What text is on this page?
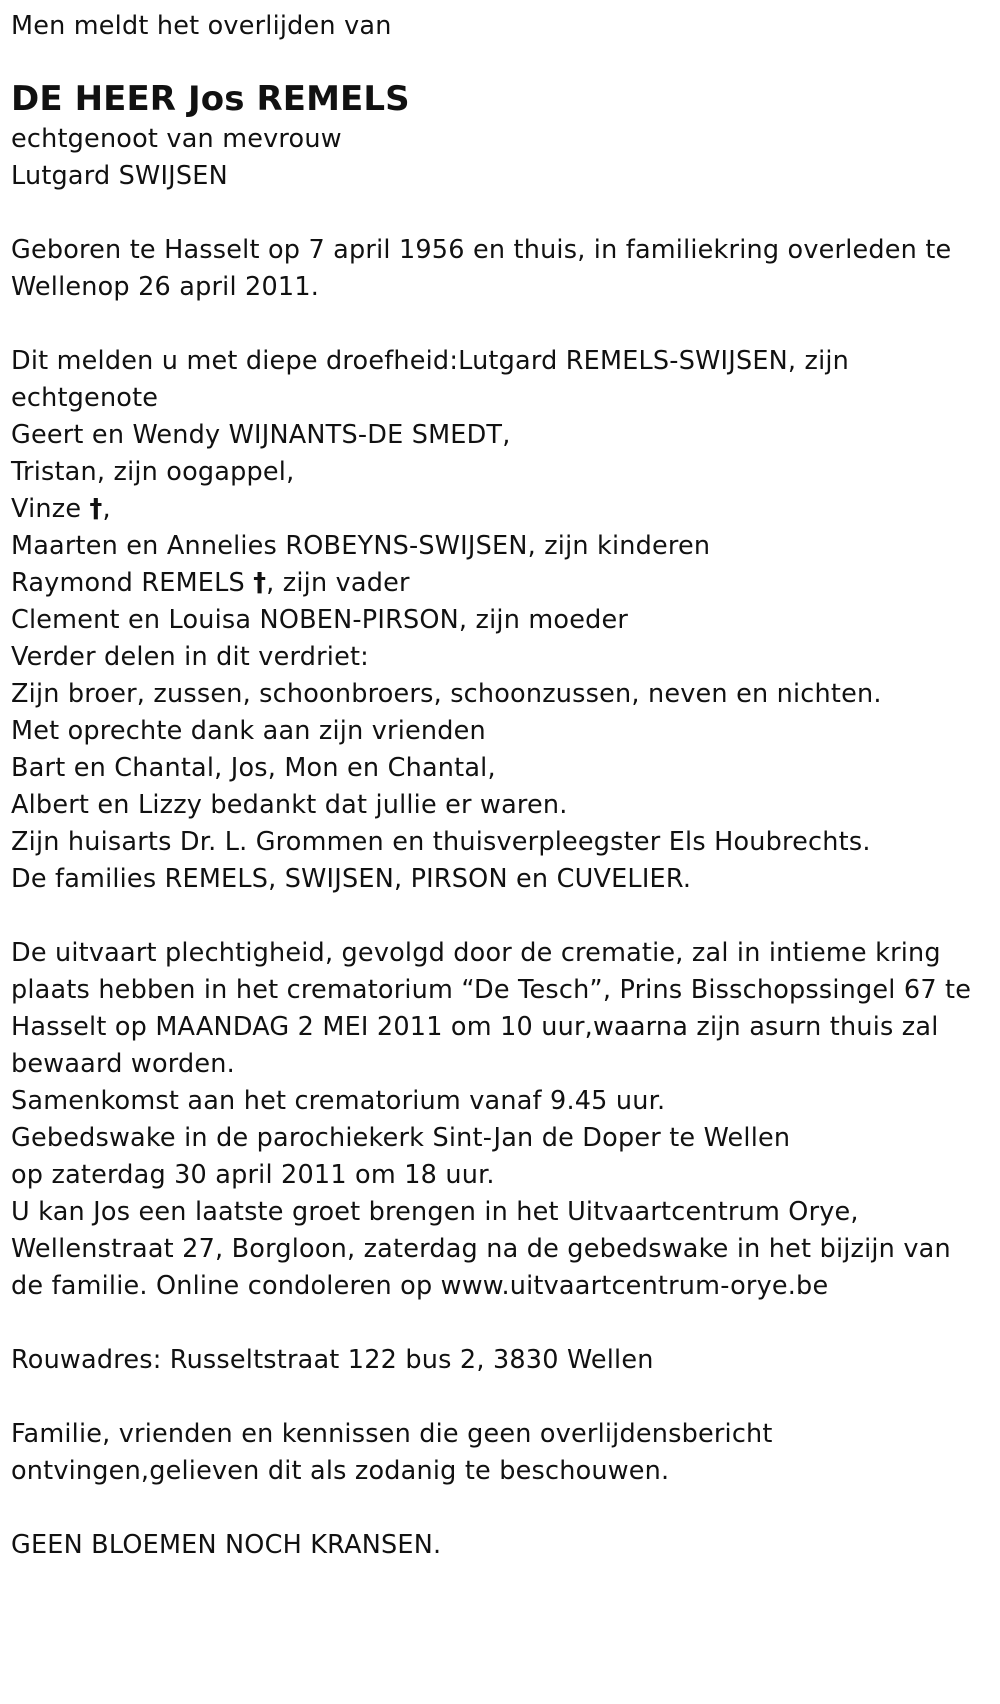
Men meldt het overlijden van
DE HEER Jos REMELS
echtgenoot van mevrouw
Lutgard SWIJSEN
Geboren te Hasselt op 7 april 1956 en thuis, in familiekring overleden te
Wellenop 26 april 2011.
Dit melden u met diepe droefheid:Lutgard REMELS-SWIJSEN, zijn
echtgenote
Geert en Wendy WIJNANTS-DE SMEDT,
Tristan, zijn oogappel,
Vinze †,
Maarten en Annelies ROBEYNS-SWIJSEN, zijn kinderen
Raymond REMELS †, zijn vader
Clement en Louisa NOBEN-PIRSON, zijn moeder
Verder delen in dit verdriet:
Zijn broer, zussen, schoonbroers, schoonzussen, neven en nichten.
Met oprechte dank aan zijn vrienden
Bart en Chantal, Jos, Mon en Chantal,
Albert en Lizzy bedankt dat jullie er waren.
Zijn huisarts Dr. L. Grommen en thuisverpleegster Els Houbrechts.
De families REMELS, SWIJSEN, PIRSON en CUVELIER.
De uitvaart plechtigheid, gevolgd door de crematie, zal in intieme kring
plaats hebben in het crematorium “De Tesch”, Prins Bisschopssingel 67 te
Hasselt op MAANDAG 2 MEI 2011 om 10 uur,waarna zijn asurn thuis zal
bewaard worden.
Samenkomst aan het crematorium vanaf 9.45 uur.
Gebedswake in de parochiekerk Sint-Jan de Doper te Wellen
op zaterdag 30 april 2011 om 18 uur.
U kan Jos een laatste groet brengen in het Uitvaartcentrum Orye,
Wellenstraat 27, Borgloon, zaterdag na de gebedswake in het bijzijn van
de familie. Online condoleren op www.uitvaartcentrum-orye.be
Rouwadres: Russeltstraat 122 bus 2, 3830 Wellen
Familie, vrienden en kennissen die geen overlijdensbericht
ontvingen,gelieven dit als zodanig te beschouwen.
GEEN BLOEMEN NOCH KRANSEN.
